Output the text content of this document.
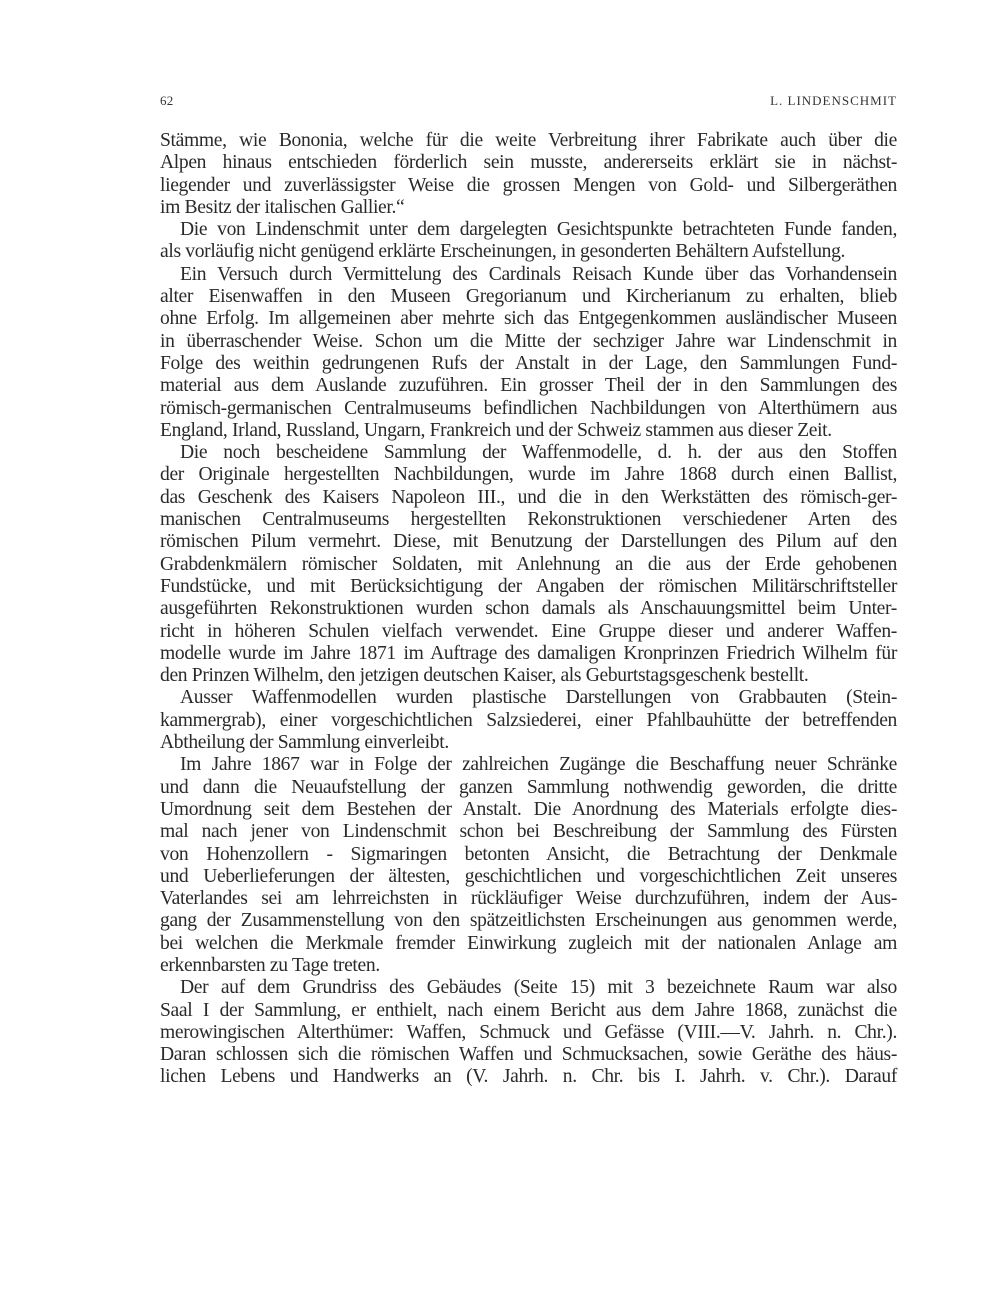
62	L. LINDENSCHMIT
Stämme, wie Bononia, welche für die weite Verbreitung ihrer Fabrikate auch über die
Alpen hinaus entschieden förderlich sein musste, andererseits erklärt sie in nächst-
liegender und zuverlässigster Weise die grossen Mengen von Gold- und Silbergeräthen
im Besitz der italischen Gallier.“
Die von Lindenschmit unter dem dargelegten Gesichtspunkte betrachteten Funde fanden,
als vorläufig nicht genügend erklärte Erscheinungen, in gesonderten Behältern Aufstellung.
Ein Versuch durch Vermittelung des Cardinals Reisach Kunde über das Vorhandensein
alter Eisenwaffen in den Museen Gregorianum und Kircherianum zu erhalten, blieb
ohne Erfolg. Im allgemeinen aber mehrte sich das Entgegenkommen ausländischer Museen
in überraschender Weise. Schon um die Mitte der sechziger Jahre war Lindenschmit in
Folge des weithin gedrungenen Rufs der Anstalt in der Lage, den Sammlungen Fund-
material aus dem Auslande zuzuführen. Ein grosser Theil der in den Sammlungen des
römisch-germanischen Centralmuseums befindlichen Nachbildungen von Alterthümern aus
England, Irland, Russland, Ungarn, Frankreich und der Schweiz stammen aus dieser Zeit.
Die noch bescheidene Sammlung der Waffenmodelle, d. h. der aus den Stoffen
der Originale hergestellten Nachbildungen, wurde im Jahre 1868 durch einen Ballist,
das Geschenk des Kaisers Napoleon III., und die in den Werkstätten des römisch-ger-
manischen Centralmuseums hergestellten Rekonstruktionen verschiedener Arten des
römischen Pilum vermehrt. Diese, mit Benutzung der Darstellungen des Pilum auf den
Grabdenkmälern römischer Soldaten, mit Anlehnung an die aus der Erde gehobenen
Fundstücke, und mit Berücksichtigung der Angaben der römischen Militärschriftsteller
ausgeführten Rekonstruktionen wurden schon damals als Anschauungsmittel beim Unter-
richt in höheren Schulen vielfach verwendet. Eine Gruppe dieser und anderer Waffen-
modelle wurde im Jahre 1871 im Auftrage des damaligen Kronprinzen Friedrich Wilhelm für
den Prinzen Wilhelm, den jetzigen deutschen Kaiser, als Geburtstagsgeschenk bestellt.
Ausser Waffenmodellen wurden plastische Darstellungen von Grabbauten (Stein-
kammergrab), einer vorgeschichtlichen Salzsiederei, einer Pfahlbauhütte der betreffenden
Abtheilung der Sammlung einverleibt.
Im Jahre 1867 war in Folge der zahlreichen Zugänge die Beschaffung neuer Schränke
und dann die Neuaufstellung der ganzen Sammlung nothwendig geworden, die dritte
Umordnung seit dem Bestehen der Anstalt. Die Anordnung des Materials erfolgte dies-
mal nach jener von Lindenschmit schon bei Beschreibung der Sammlung des Fürsten
von Hohenzollern - Sigmaringen betonten Ansicht, die Betrachtung der Denkmale
und Ueberlieferungen der ältesten, geschichtlichen und vorgeschichtlichen Zeit unseres
Vaterlandes sei am lehrreichsten in rückläufiger Weise durchzuführen, indem der Aus-
gang der Zusammenstellung von den spätzeitlichsten Erscheinungen aus genommen werde,
bei welchen die Merkmale fremder Einwirkung zugleich mit der nationalen Anlage am
erkennbarsten zu Tage treten.
Der auf dem Grundriss des Gebäudes (Seite 15) mit 3 bezeichnete Raum war also
Saal I der Sammlung, er enthielt, nach einem Bericht aus dem Jahre 1868, zunächst die
merowingischen Alterthümer: Waffen, Schmuck und Gefässe (VIII.—V. Jahrh. n. Chr.).
Daran schlossen sich die römischen Waffen und Schmucksachen, sowie Geräthe des häus-
lichen Lebens und Handwerks an (V. Jahrh. n. Chr. bis I. Jahrh. v. Chr.). Darauf
